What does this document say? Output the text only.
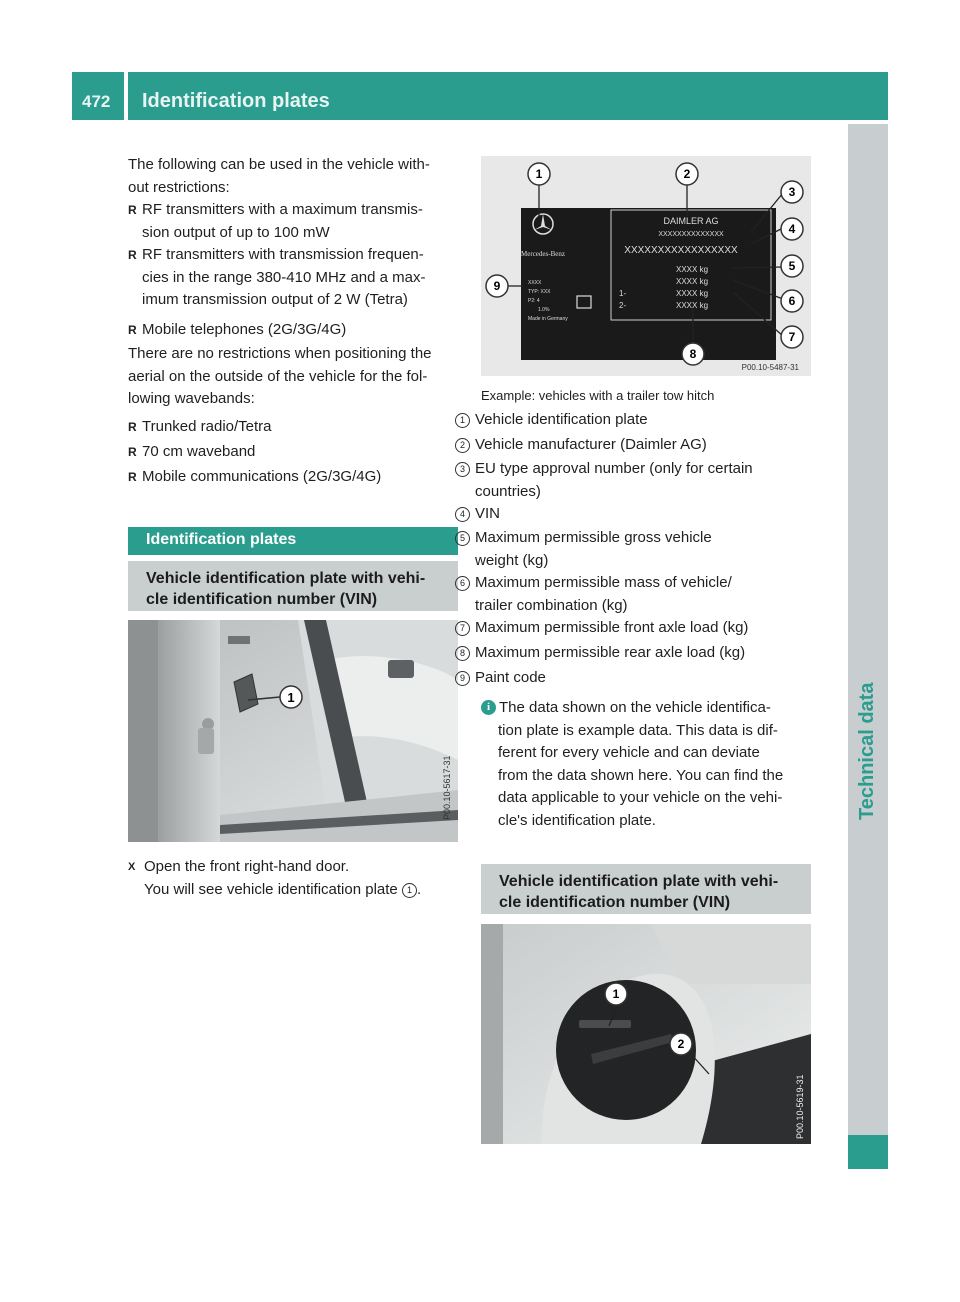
472 Identification plates
Technical data
The following can be used in the vehicle with-
out restrictions:
R RF transmitters with a maximum transmis-
sion output of up to 100 mW
R RF transmitters with transmission frequen-
cies in the range 380-410 MHz and a max-
imum transmission output of 2 W (Tetra)
R Mobile telephones (2G/3G/4G)
There are no restrictions when positioning the
aerial on the outside of the vehicle for the fol-
lowing wavebands:
R Trunked radio/Tetra
R 70 cm waveband
R Mobile communications (2G/3G/4G)
Identification plates
Vehicle identification plate with vehi-
cle identification number (VIN)
1
P00.10-5617-31
X Open the front right-hand door.
You will see vehicle identification plate 1 .
Mercedes-Benz
DAIMLER AG
XXXXXXXXXXXXXX
XXXXXXXXXXXXXXXXX
XXXX kg
XXXX kg
XXXX kg
XXXX kg
1-
2-
XXXX
TYP: XXX
P2: 4
1.0%
Made in Germany
1	2
3
4
5
6
7
8
9
P00.10-5487-31
Example: vehicles with a trailer tow hitch
1 Vehicle identification plate
2 Vehicle manufacturer (Daimler AG)
3 EU type approval number (only for certain
countries)
4 VIN
5 Maximum permissible gross vehicle
weight (kg)
6 Maximum permissible mass of vehicle/
trailer combination (kg)
7 Maximum permissible front axle load (kg)
8 Maximum permissible rear axle load (kg)
9 Paint code
i The data shown on the vehicle identifica-
tion plate is example data. This data is dif-
ferent for every vehicle and can deviate
from the data shown here. You can find the
data applicable to your vehicle on the vehi-
cle's identification plate.
Vehicle identification plate with vehi-
cle identification number (VIN)
1
2
P00.10-5619-31
